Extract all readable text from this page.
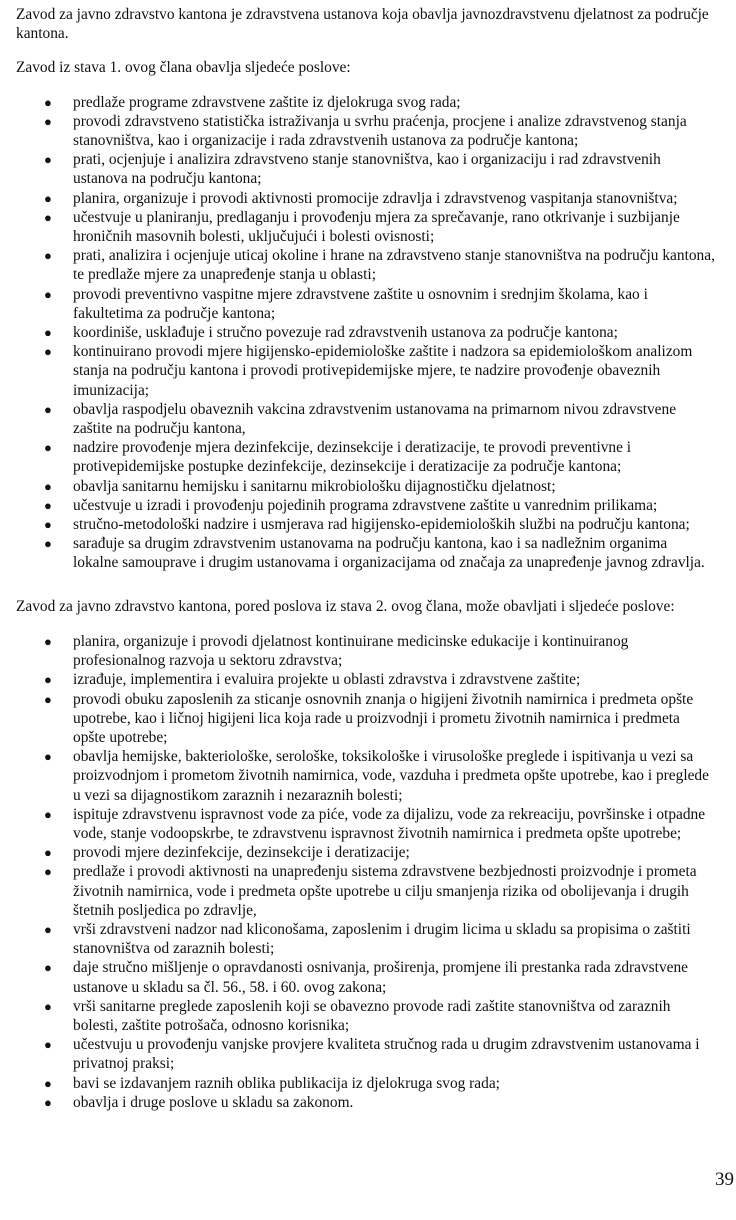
Zavod za javno zdravstvo kantona je zdravstvena ustanova koja obavlja javnozdravstvenu djelatnost za područje
kantona.

Zavod iz stava 1. ovog člana obavlja sljedeće poslove:

● predlaže programe zdravstvene zaštite iz djelokruga svog rada;
● provodi zdravstveno statistička istraživanja u svrhu praćenja, procjene i analize zdravstvenog stanja
stanovništva, kao i organizacije i rada zdravstvenih ustanova za područje kantona;
● prati, ocjenjuje i analizira zdravstveno stanje stanovništva, kao i organizaciju i rad zdravstvenih
ustanova na području kantona;
● planira, organizuje i provodi aktivnosti promocije zdravlja i zdravstvenog vaspitanja stanovništva;
● učestvuje u planiranju, predlaganju i provođenju mjera za sprečavanje, rano otkrivanje i suzbijanje
hroničnih masovnih bolesti, uključujući i bolesti ovisnosti;
● prati, analizira i ocjenjuje uticaj okoline i hrane na zdravstveno stanje stanovništva na području kantona,
te predlaže mjere za unapređenje stanja u oblasti;
● provodi preventivno vaspitne mjere zdravstvene zaštite u osnovnim i srednjim školama, kao i
fakultetima za područje kantona;
● koordiniše, usklađuje i stručno povezuje rad zdravstvenih ustanova za područje kantona;
● kontinuirano provodi mjere higijensko-epidemiološke zaštite i nadzora sa epidemiološkom analizom
stanja na području kantona i provodi protivepidemijske mjere, te nadzire provođenje obaveznih
imunizacija;
● obavlja raspodjelu obaveznih vakcina zdravstvenim ustanovama na primarnom nivou zdravstvene
zaštite na području kantona,
● nadzire provođenje mjera dezinfekcije, dezinsekcije i deratizacije, te provodi preventivne i
protivepidemijske postupke dezinfekcije, dezinsekcije i deratizacije za područje kantona;
● obavlja sanitarnu hemijsku i sanitarnu mikrobiološku dijagnostičku djelatnost;
● učestvuje u izradi i provođenju pojedinih programa zdravstvene zaštite u vanrednim prilikama;
● stručno-metodološki nadzire i usmjerava rad higijensko-epidemioloških službi na području kantona;
● sarađuje sa drugim zdravstvenim ustanovama na području kantona, kao i sa nadležnim organima
lokalne samouprave i drugim ustanovama i organizacijama od značaja za unapređenje javnog zdravlja.

Zavod za javno zdravstvo kantona, pored poslova iz stava 2. ovog člana, može obavljati i sljedeće poslove:

● planira, organizuje i provodi djelatnost kontinuirane medicinske edukacije i kontinuiranog
profesionalnog razvoja u sektoru zdravstva;
● izrađuje, implementira i evaluira projekte u oblasti zdravstva i zdravstvene zaštite;
● provodi obuku zaposlenih za sticanje osnovnih znanja o higijeni životnih namirnica i predmeta opšte
upotrebe, kao i ličnoj higijeni lica koja rade u proizvodnji i prometu životnih namirnica i predmeta
opšte upotrebe;
● obavlja hemijske, bakteriološke, serološke, toksikološke i virusološke preglede i ispitivanja u vezi sa
proizvodnjom i prometom životnih namirnica, vode, vazduha i predmeta opšte upotrebe, kao i preglede
u vezi sa dijagnostikom zaraznih i nezaraznih bolesti;
● ispituje zdravstvenu ispravnost vode za piće, vode za dijalizu, vode za rekreaciju, površinske i otpadne
vode, stanje vodoopskrbe, te zdravstvenu ispravnost životnih namirnica i predmeta opšte upotrebe;
● provodi mjere dezinfekcije, dezinsekcije i deratizacije;
● predlaže i provodi aktivnosti na unapređenju sistema zdravstvene bezbjednosti proizvodnje i prometa
životnih namirnica, vode i predmeta opšte upotrebe u cilju smanjenja rizika od obolijevanja i drugih
štetnih posljedica po zdravlje,
● vrši zdravstveni nadzor nad kliconošama, zaposlenim i drugim licima u skladu sa propisima o zaštiti
stanovništva od zaraznih bolesti;
● daje stručno mišljenje o opravdanosti osnivanja, proširenja, promjene ili prestanka rada zdravstvene
ustanove u skladu sa čl. 56., 58. i 60. ovog zakona;
● vrši sanitarne preglede zaposlenih koji se obavezno provode radi zaštite stanovništva od zaraznih
bolesti, zaštite potrošača, odnosno korisnika;
● učestvuju u provođenju vanjske provjere kvaliteta stručnog rada u drugim zdravstvenim ustanovama i
privatnoj praksi;
● bavi se izdavanjem raznih oblika publikacija iz djelokruga svog rada;
● obavlja i druge poslove u skladu sa zakonom.
39
